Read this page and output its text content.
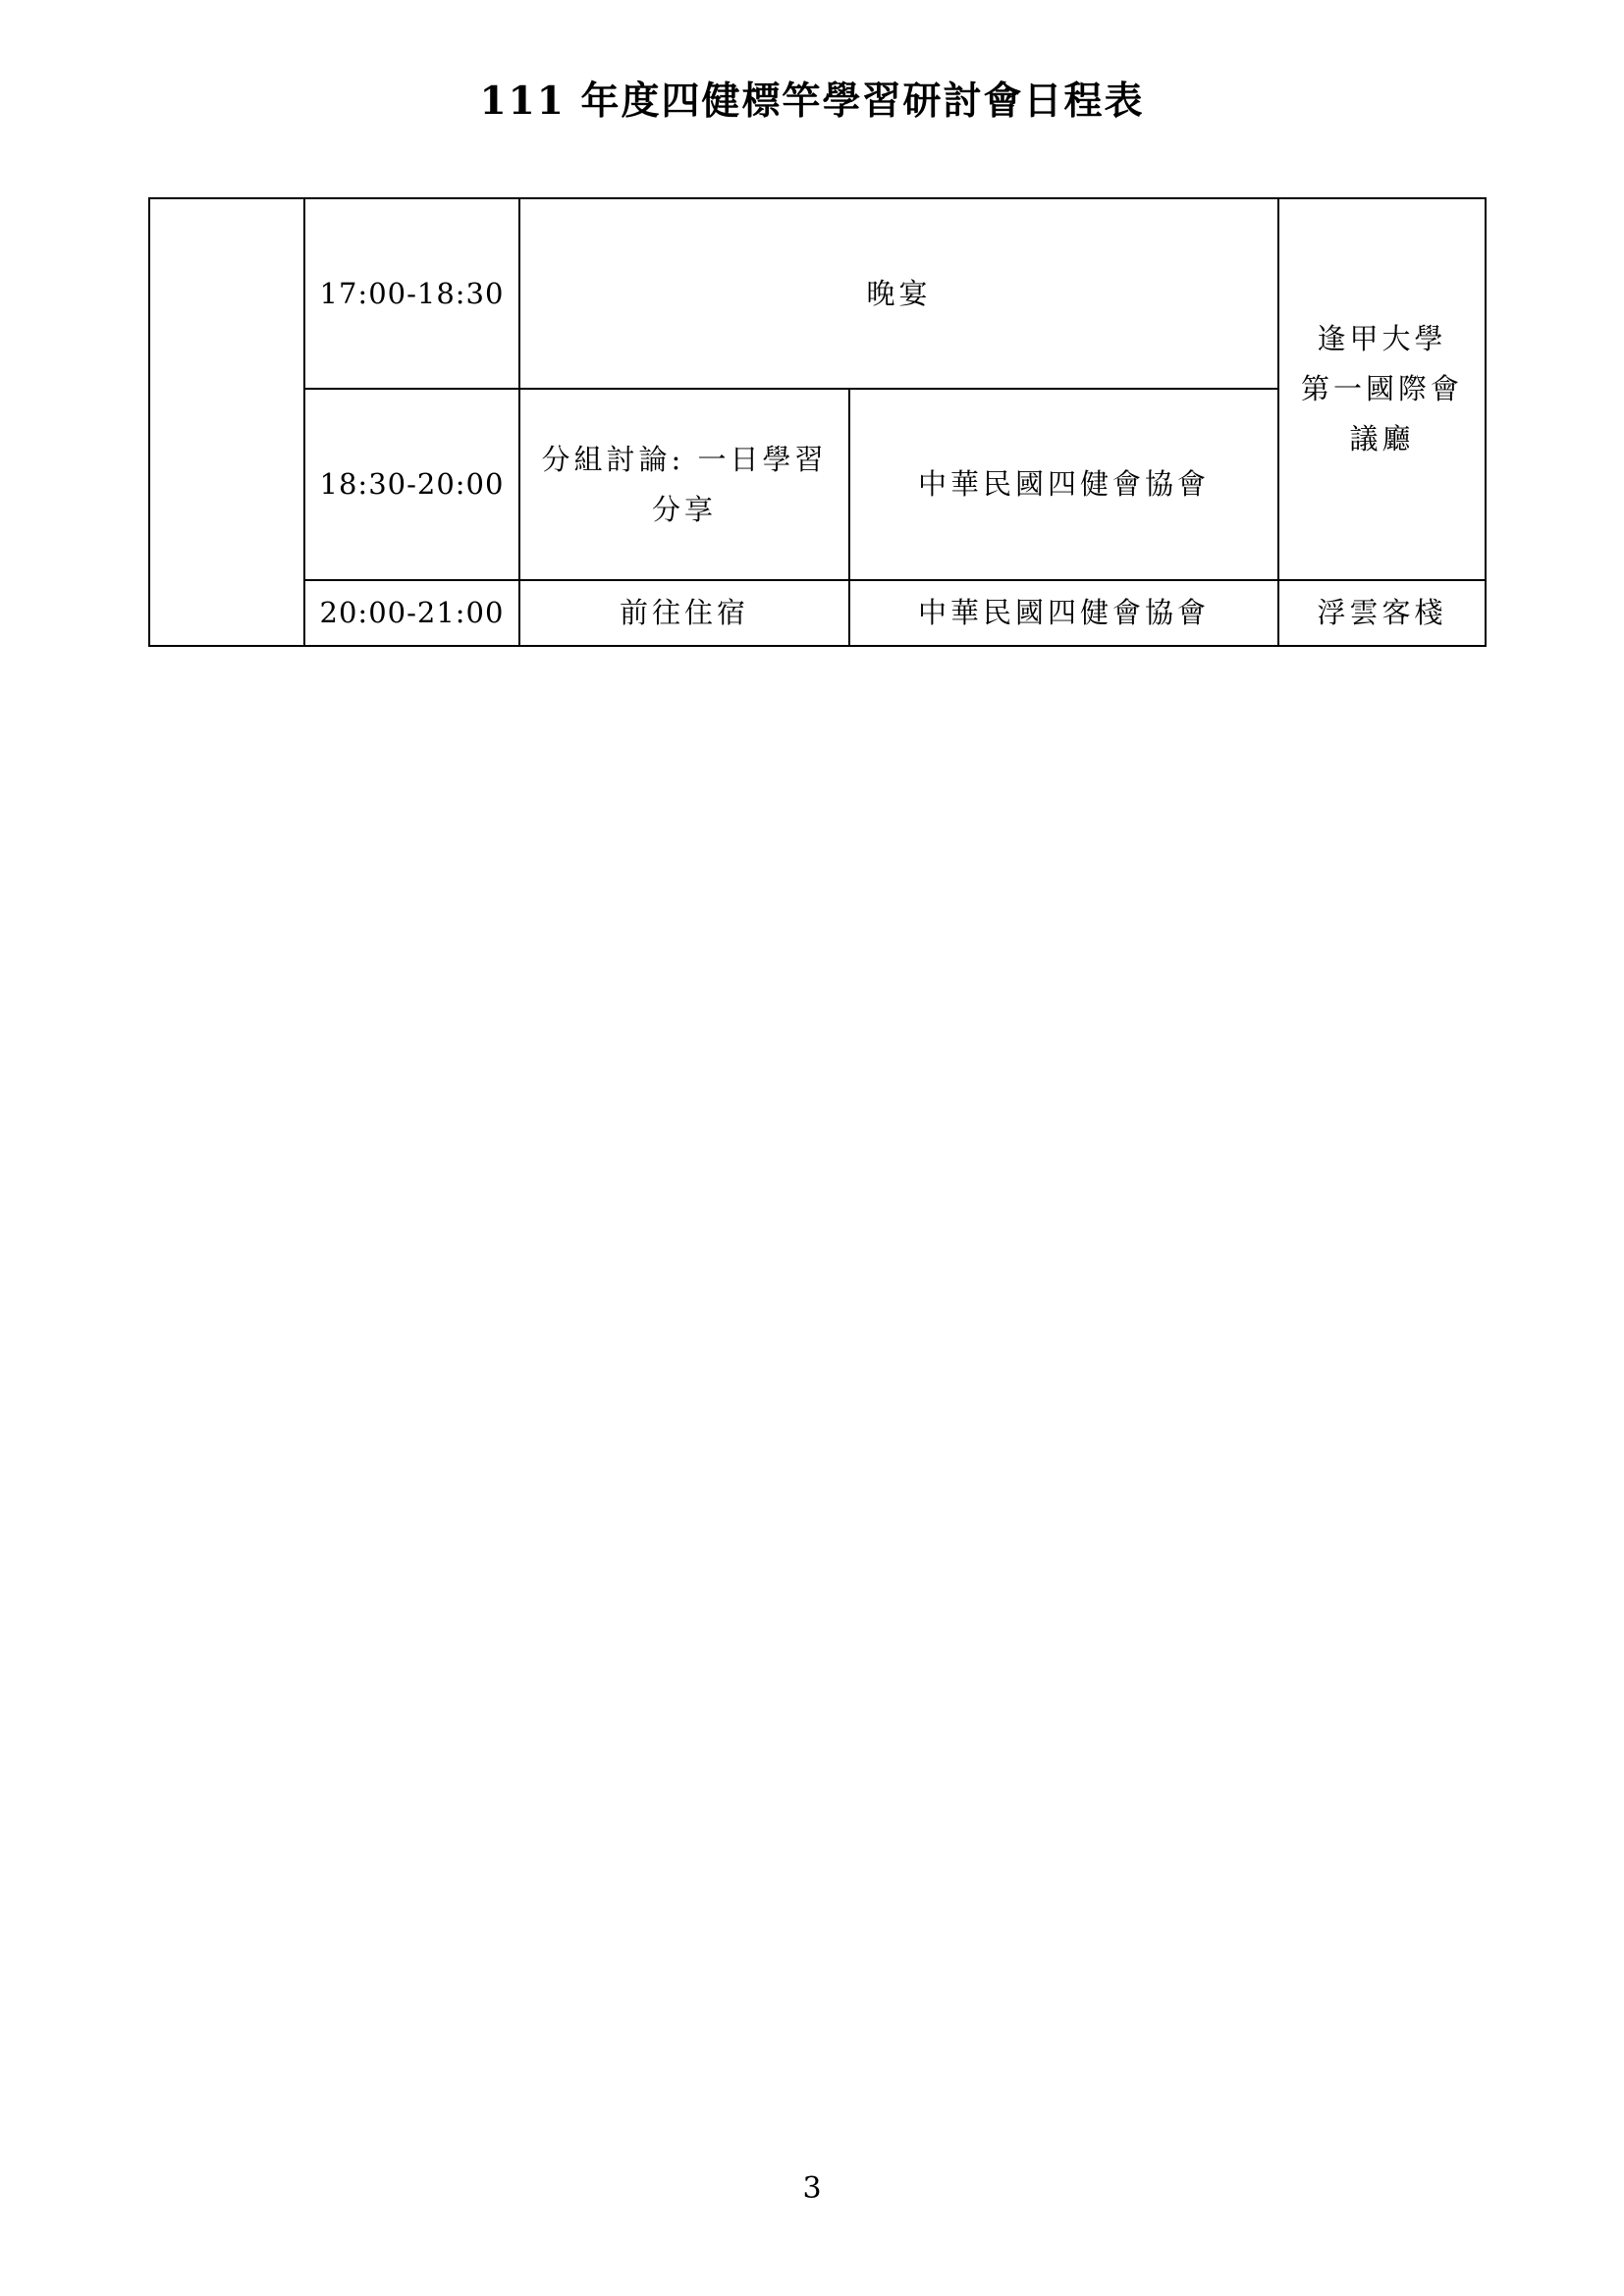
111 年度四健標竿學習研討會日程表
	17:00-18:30	晚宴		逢甲大學
第一國際會
議廳

	18:30-20:00	分組討論: 一日學習
分享	中華民國四健會協會	
	20:00-21:00	前往住宿	中華民國四健會協會	浮雲客棧
3
